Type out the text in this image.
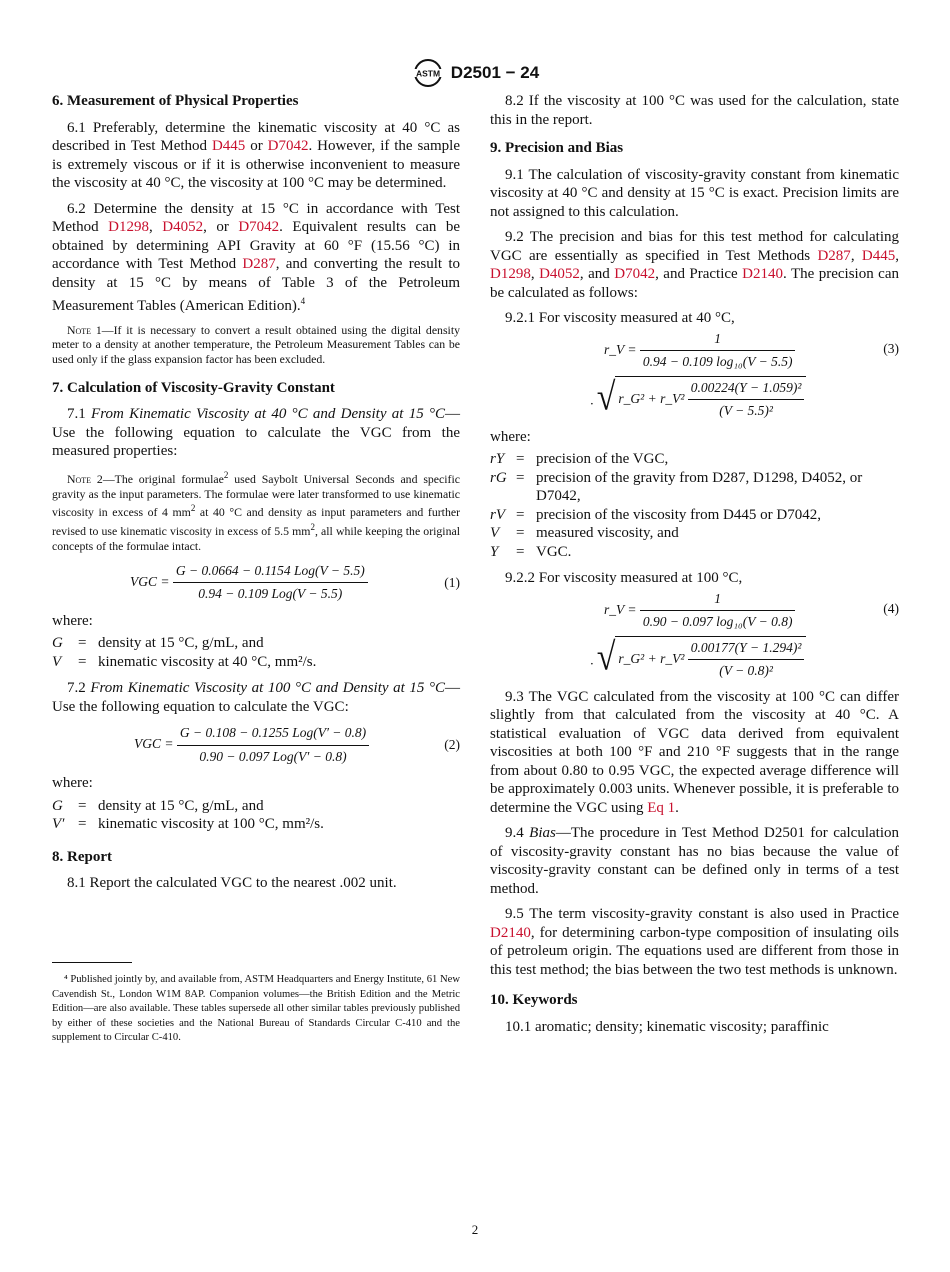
ASTM D2501 − 24
6. Measurement of Physical Properties

6.1 Preferably, determine the kinematic viscosity at 40 °C as described in Test Method D445 or D7042. However, if the sample is extremely viscous or if it is otherwise inconvenient to measure the viscosity at 40 °C, the viscosity at 100 °C may be determined.

6.2 Determine the density at 15 °C in accordance with Test Method D1298, D4052, or D7042. Equivalent results can be obtained by determining API Gravity at 60 °F (15.56 °C) in accordance with Test Method D287, and converting the result to density at 15 °C by means of Table 3 of the Petroleum Measurement Tables (American Edition).$^4$

Note 1—If it is necessary to convert a result obtained using the digital density meter to a density at another temperature, the Petroleum Measurement Tables can be used only if the glass expansion factor has been excluded.
7. Calculation of Viscosity-Gravity Constant

7.1 From Kinematic Viscosity at 40 °C and Density at 15 °C—Use the following equation to calculate the VGC from the measured properties:

Note 2—The original formulae$^2$ used Saybolt Universal Seconds and specific gravity as the input parameters. The formulae were later transformed to use kinematic viscosity in excess of 4 $mm^2$ at 40 °C and density as input parameters and further revised to use kinematic viscosity in excess of 5.5 $mm^2$, all while keeping the original concepts of the formulae intact.
VGC = $\frac{\text{G − 0.0664 − 0.1154 Log(V − 5.5)}}{\text{0.94 − 0.109 Log(V − 5.5)}}$	(1)
where:
G	= density at 15 °C, g/mL, and
V	= kinematic viscosity at 40 °C, mm²/s.

7.2 From Kinematic Viscosity at 100 °C and Density at 15 °C—Use the following equation to calculate the VGC:

VGC = $\frac{\text{G − 0.108 − 0.1255 Log(V′ − 0.8)}}{\text{0.90 − 0.097 Log(V′ − 0.8)}}$	(2)
where:
G	= density at 15 °C, g/mL, and
V′ = kinematic viscosity at 100 °C, mm²/s.
8. Report

8.1 Report the calculated VGC to the nearest .002 unit.

⁴ Published jointly by, and available from, ASTM Headquarters and Energy Institute, 61 New Cavendish St., London W1M 8AP. Companion volumes—the British Edition and the Metric Edition—are also available. These tables supersede all other similar tables previously published by either of these societies and the National Bureau of Standards Circular C-410 and the supplement to Circular C-410.

8.2 If the viscosity at 100 °C was used for the calculation, state this in the report.

9. Precision and Bias

9.1 The calculation of viscosity-gravity constant from kinematic viscosity at 40 °C and density at 15 °C is exact. Precision limits are not assigned to this calculation.

9.2 The precision and bias for this test method for calculating VGC are essentially as specified in Test Methods D287, D445, D1298, D4052, and D7042, and Practice D2140. The precision can be calculated as follows:

9.2.1 For viscosity measured at 40 °C,

r_V = $\frac{1}{\text{0.94 − 0.109 log₁₀(V − 5.5)}}$	(3)
· √ r_G² + r_V² $\frac{\text{0.00224(Y − 1.059)²}}{\text{(V − 5.5)²}}$
where:
rY = precision of the VGC,
rG = precision of the gravity from D287, D1298, D4052, or D7042,
rV = precision of the viscosity from D445 or D7042,
V	= measured viscosity, and
Y	= VGC.

9.2.2 For viscosity measured at 100 °C,

r_V = $\frac{1}{\text{0.90 − 0.097 log₁₀(V − 0.8)}}$	(4)
· √ r_G² + r_V² $\frac{\text{0.00177(Y − 1.294)²}}{\text{(V − 0.8)²}}$

9.3 The VGC calculated from the viscosity at 100 °C can differ slightly from that calculated from the viscosity at 40 °C. A statistical evaluation of VGC data derived from equivalent viscosities at both 100 °F and 210 °F suggests that in the range from about 0.80 to 0.95 VGC, the expected average difference will be approximately 0.003 units. Whenever possible, it is preferable to determine the VGC using Eq 1.

9.4 Bias—The procedure in Test Method D2501 for calculation of viscosity-gravity constant has no bias because the value of viscosity-gravity constant can be defined only in terms of a test method.

9.5 The term viscosity-gravity constant is also used in Practice D2140, for determining carbon-type composition of insulating oils of petroleum origin. The equations used are different from those in this test method; the bias between the two test methods is unknown.

10. Keywords

10.1 aromatic; density; kinematic viscosity; paraffinic

2
